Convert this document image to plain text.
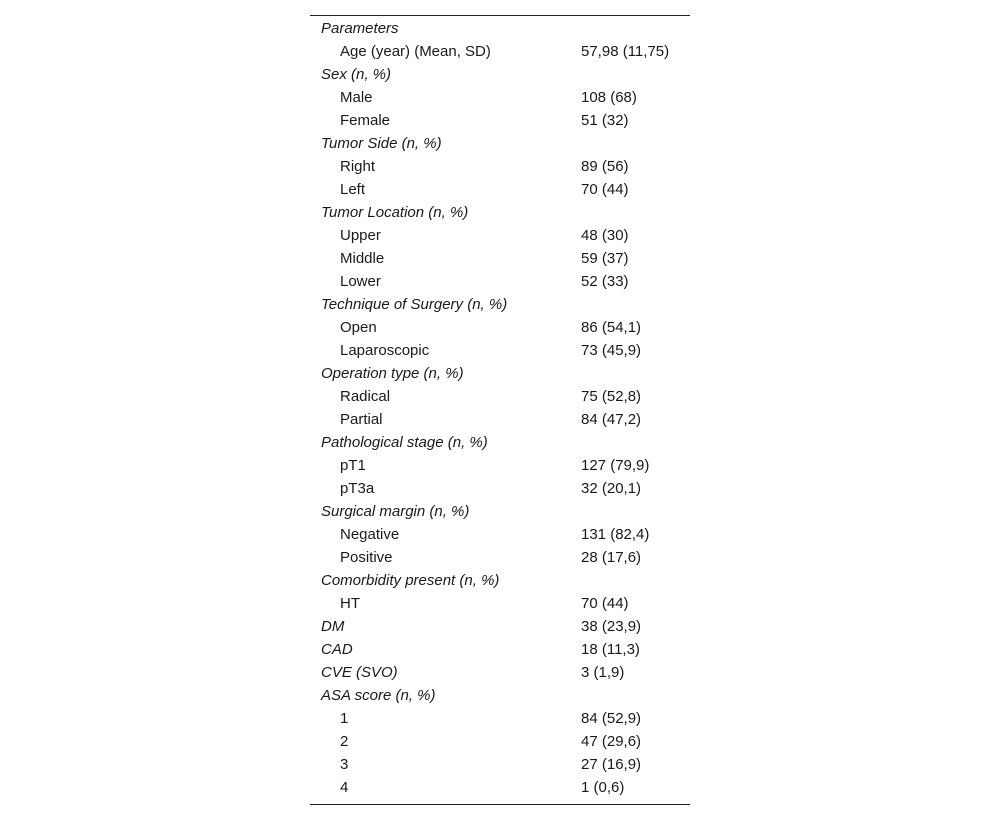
Parameters	
Age (year) (Mean, SD)	57,98 (11,75)
Sex (n, %)	
Male	108 (68)
Female	51 (32)
Tumor Side (n, %)	
Right	89 (56)
Left	70 (44)
Tumor Location (n, %)	
Upper	48 (30)
Middle	59 (37)
Lower	52 (33)
Technique of Surgery (n, %)	
Open	86 (54,1)
Laparoscopic	73 (45,9)
Operation type (n, %)	
Radical	75 (52,8)
Partial	84 (47,2)
Pathological stage (n, %)	
pT1	127 (79,9)
pT3a	32 (20,1)
Surgical margin (n, %)	
Negative	131 (82,4)
Positive	28 (17,6)
Comorbidity present (n, %)	
HT	70 (44)
DM	38 (23,9)
CAD	18 (11,3)
CVE (SVO)	3 (1,9)
ASA score (n, %)	
1	84 (52,9)
2	47 (29,6)
3	27 (16,9)
4	1 (0,6)
